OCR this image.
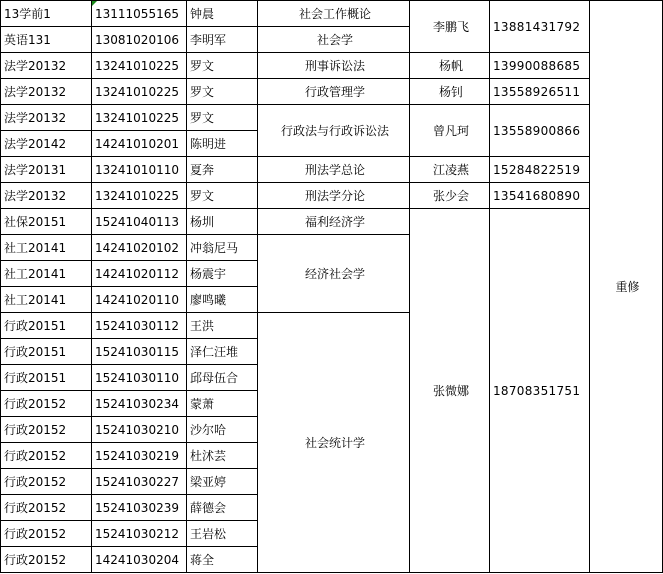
13学前1	13111055165	钟晨	社会工作概论	李鹏飞	13881431792	重修
英语131	13081020106	李明军	社会学			
法学20132	13241010225	罗文	刑事诉讼法	杨帆	13990088685	
法学20132	13241010225	罗文	行政管理学	杨钊	13558926511	
法学20132	13241010225	罗文	行政法与行政诉讼法	曾凡珂	13558900866	
法学20142	14241010201	陈明进				
法学20131	13241010110	夏奔	刑法学总论	江凌燕	15284822519	
法学20132	13241010225	罗文	刑法学分论	张少会	13541680890	
社保20151	15241040113	杨圳	福利经济学	张微娜	18708351751	
社工20141	14241020102	冲翁尼马	经济社会学			
社工20141	14241020112	杨震宇				
社工20141	14241020110	廖鸣曦				
行政20151	15241030112	王洪	社会统计学			
行政20151	15241030115	泽仁汪堆				
行政20151	15241030110	邱母伍合				
行政20152	15241030234	蒙萧				
行政20152	15241030210	沙尔哈				
行政20152	15241030219	杜沭芸				
行政20152	15241030227	梁亚婷				
行政20152	15241030239	薛德会				
行政20152	15241030212	王岩松				
行政20152	14241030204	蒋全				
